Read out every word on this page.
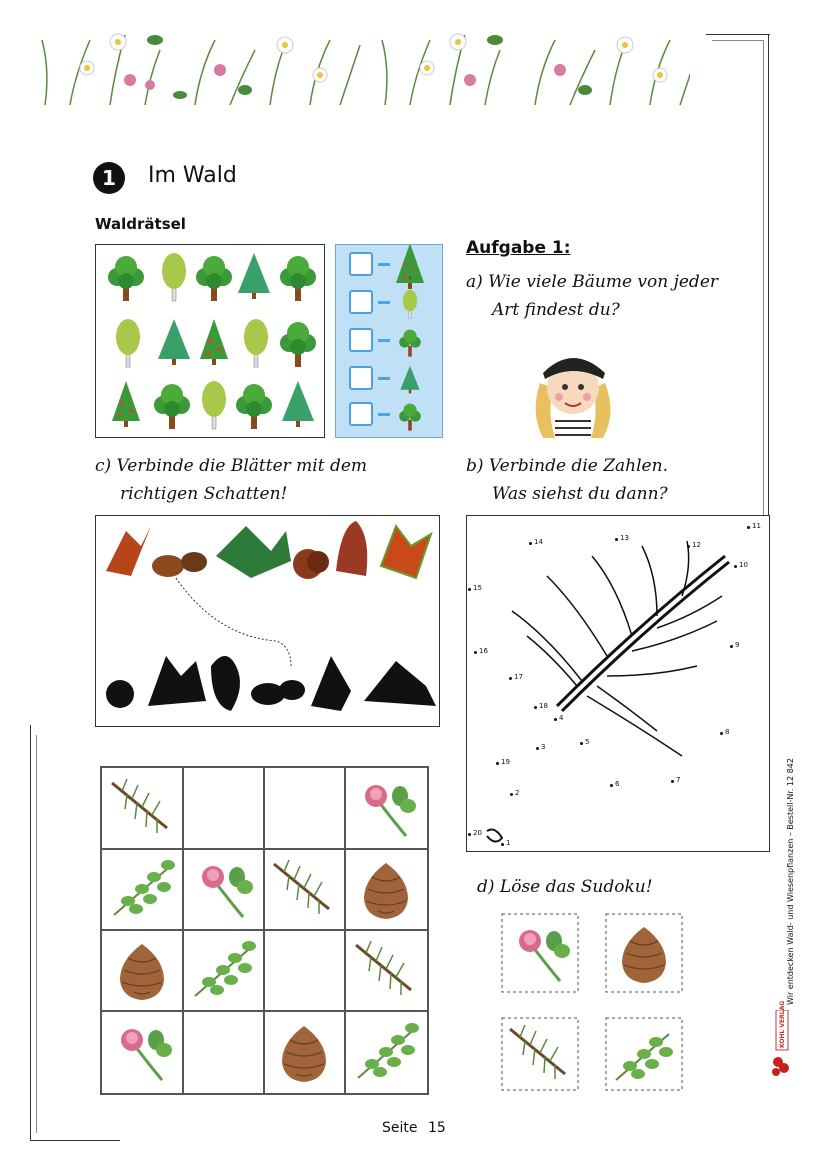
1	Im Wald
Waldrätsel
Aufgabe 1:
a) Wie viele Bäume von jeder
Art findest du?
c) Verbinde die Blätter mit dem
richtigen Schatten!
b) Verbinde die Zahlen.
Was siehst du dann?
11
10
12
13
14
15
16
17
18
4
9
8
5
3
19
6	7
2
20
1
d) Löse das Sudoku!	Wir entdecken Wald- und Wiesenpflanzen – Bestell-Nr. 12 842
KOHL VERLAG
Seite 15
